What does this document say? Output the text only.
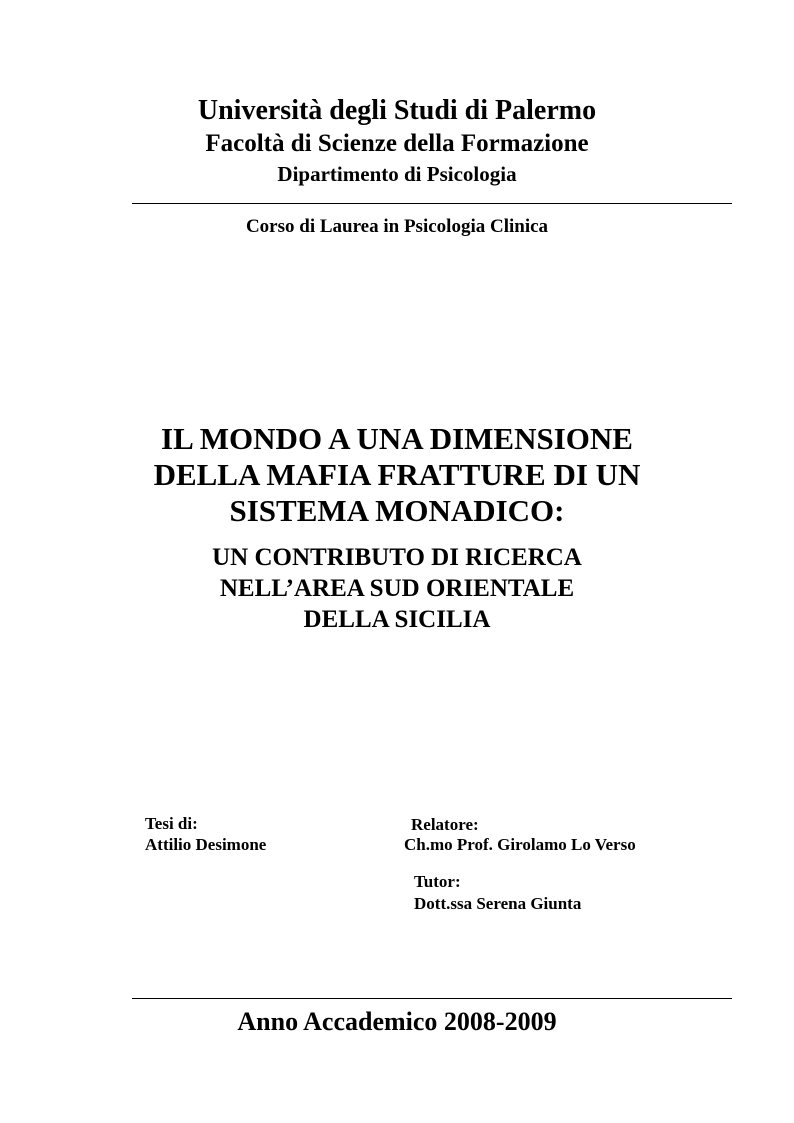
Università degli Studi di Palermo
Facoltà di Scienze della Formazione
Dipartimento di Psicologia
Corso di Laurea in Psicologia Clinica
IL MONDO A UNA DIMENSIONE
DELLA MAFIA FRATTURE DI UN
SISTEMA MONADICO:
UN CONTRIBUTO DI RICERCA
NELL’AREA SUD ORIENTALE
DELLA SICILIA
Tesi di:
Attilio Desimone
Relatore:
Ch.mo Prof. Girolamo Lo Verso
Tutor:
Dott.ssa Serena Giunta
Anno Accademico 2008-2009
